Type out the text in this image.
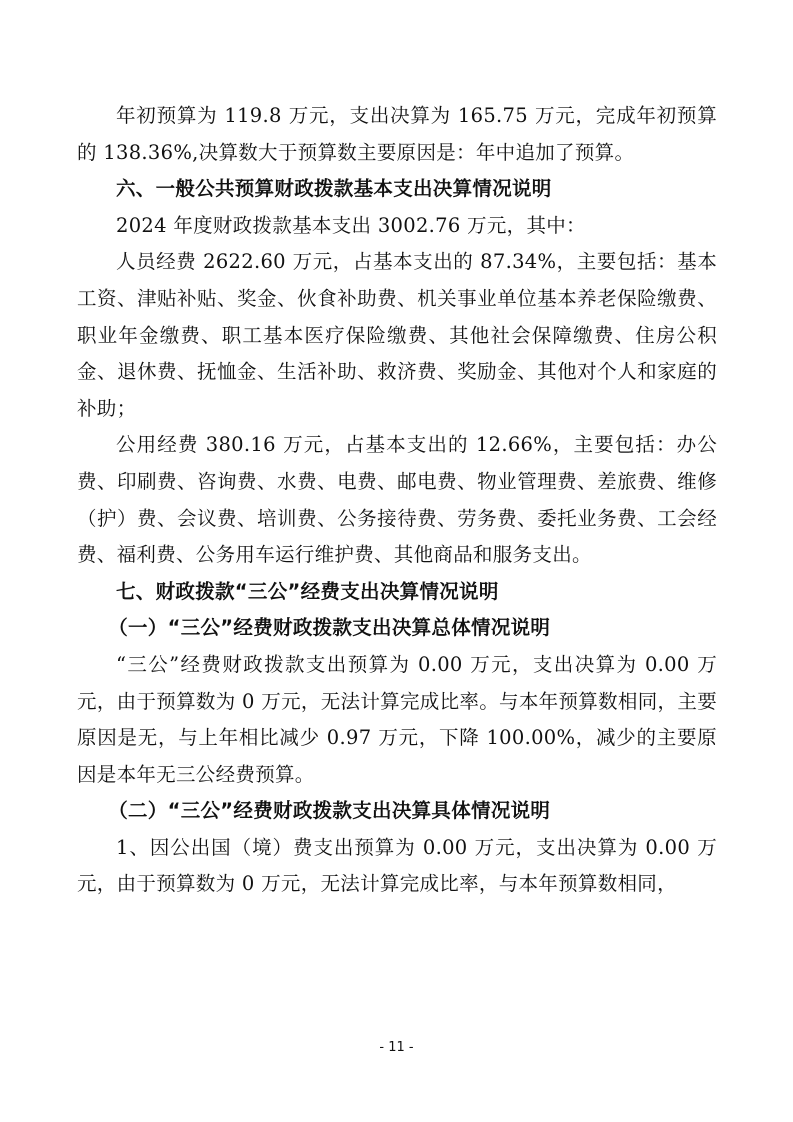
年初预算为 119.8 万元，支出决算为 165.75 万元，完成年初预算的 138.36%,决算数大于预算数主要原因是：年中追加了预算。

六、一般公共预算财政拨款基本支出决算情况说明

2024 年度财政拨款基本支出 3002.76 万元，其中：

人员经费 2622.60 万元，占基本支出的 87.34%，主要包括：基本工资、津贴补贴、奖金、伙食补助费、机关事业单位基本养老保险缴费、职业年金缴费、职工基本医疗保险缴费、其他社会保障缴费、住房公积金、退休费、抚恤金、生活补助、救济费、奖励金、其他对个人和家庭的补助；

公用经费 380.16 万元，占基本支出的 12.66%，主要包括：办公费、印刷费、咨询费、水费、电费、邮电费、物业管理费、差旅费、维修（护）费、会议费、培训费、公务接待费、劳务费、委托业务费、工会经费、福利费、公务用车运行维护费、其他商品和服务支出。

七、财政拨款“三公”经费支出决算情况说明

（一）“三公”经费财政拨款支出决算总体情况说明

“三公”经费财政拨款支出预算为 0.00 万元，支出决算为 0.00 万元，由于预算数为 0 万元，无法计算完成比率。与本年预算数相同，主要原因是无，与上年相比减少 0.97 万元，下降 100.00%，减少的主要原因是本年无三公经费预算。

（二）“三公”经费财政拨款支出决算具体情况说明

1、因公出国（境）费支出预算为 0.00 万元，支出决算为 0.00 万元，由于预算数为 0 万元，无法计算完成比率，与本年预算数相同，

- 11 -
